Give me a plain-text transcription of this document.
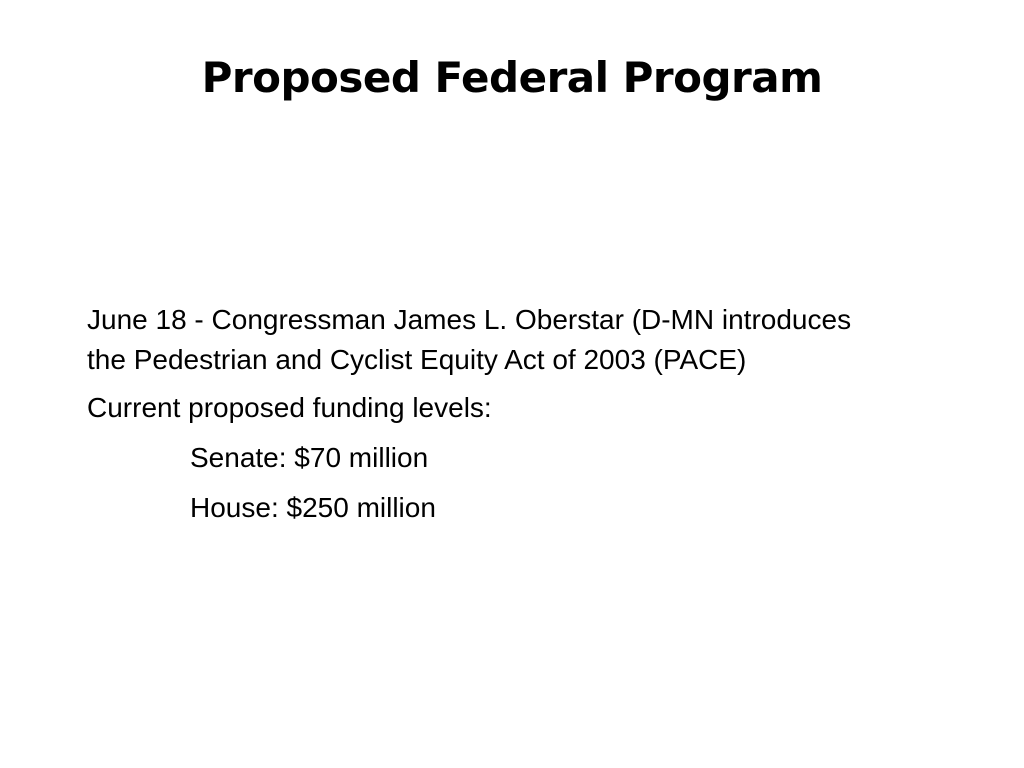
Proposed Federal Program

June 18 - Congressman James L. Oberstar (D-MN introduces the Pedestrian and Cyclist Equity Act of 2003 (PACE)

Current proposed funding levels:

Senate: $70 million

House: $250 million
